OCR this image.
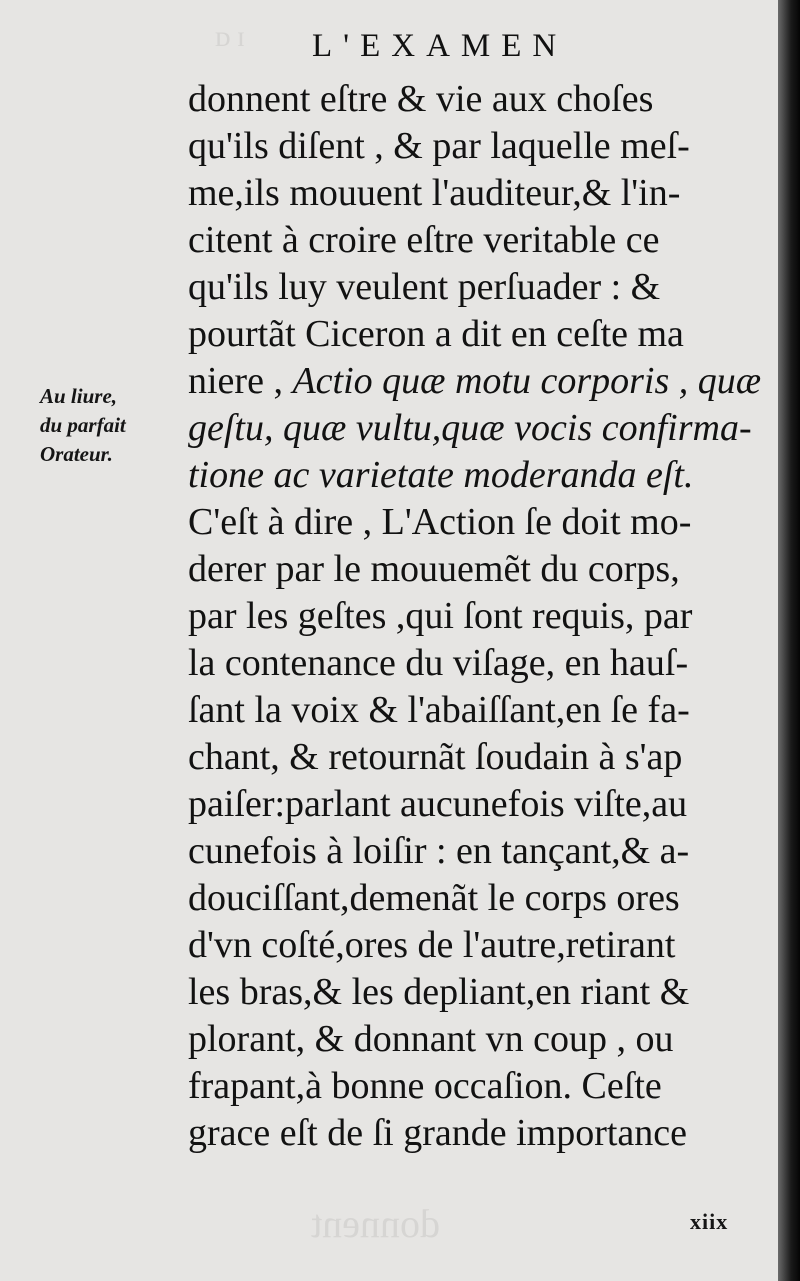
ᴅɪ
donnent
L'EXAMEN
Au liure,
du parfait
Orateur.
donnent eſtre & vie aux choſes
qu'ils diſent , & par laquelle meſ-
me,ils mouuent l'auditeur,& l'in-
citent à croire eſtre veritable ce
qu'ils luy veulent perſuader : &
pourtãt Ciceron a dit en ceſte ma
niere , Actio quæ motu corporis , quæ
geſtu, quæ vultu,quæ vocis confirma-
tione ac varietate moderanda eſt.
C'eſt à dire , L'Action ſe doit mo-
derer par le mouuemẽt du corps,
par les geſtes ,qui ſont requis, par
la contenance du viſage, en hauſ-
ſant la voix & l'abaiſſant,en ſe fa-
chant, & retournãt ſoudain à s'ap
paiſer:parlant aucunefois viſte,au
cunefois à loiſir : en tançant,& a-
douciſſant,demenãt le corps ores
d'vn coſté,ores de l'autre,retirant
les bras,& les depliant,en riant &
plorant, & donnant vn coup , ou
frapant,à bonne occaſion. Ceſte
grace eſt de ſi grande importance
xiix
